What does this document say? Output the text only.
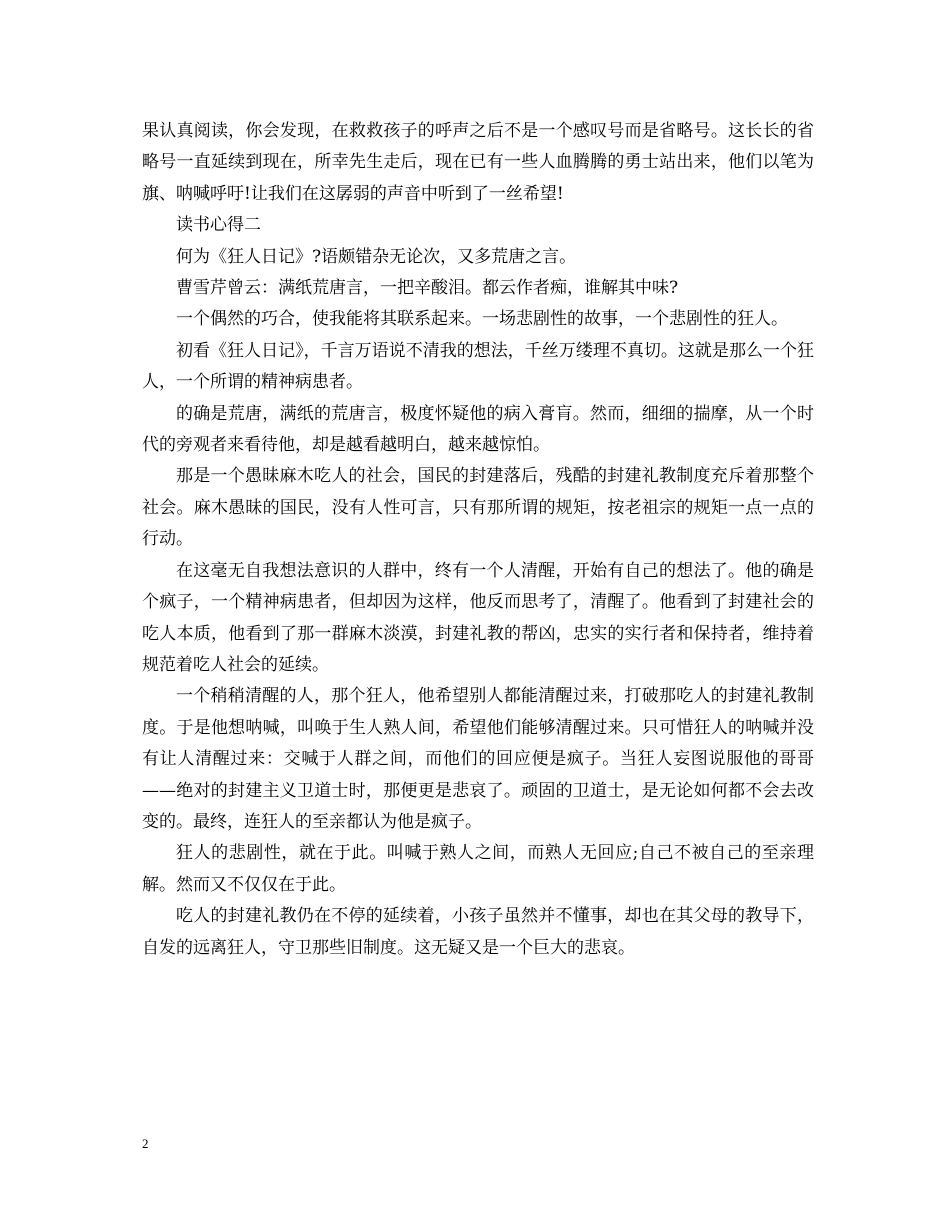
果认真阅读，你会发现，在救救孩子的呼声之后不是一个感叹号而是省略号。这长长的省略号一直延续到现在，所幸先生走后，现在已有一些人血腾腾的勇士站出来，他们以笔为旗、呐喊呼吁!让我们在这孱弱的声音中听到了一丝希望!

读书心得二

何为《狂人日记》?语颇错杂无论次，又多荒唐之言。

曹雪芹曾云：满纸荒唐言，一把辛酸泪。都云作者痴，谁解其中味?

一个偶然的巧合，使我能将其联系起来。一场悲剧性的故事，一个悲剧性的狂人。

初看《狂人日记》，千言万语说不清我的想法，千丝万缕理不真切。这就是那么一个狂人，一个所谓的精神病患者。

的确是荒唐，满纸的荒唐言，极度怀疑他的病入膏肓。然而，细细的揣摩，从一个时代的旁观者来看待他，却是越看越明白，越来越惊怕。

那是一个愚昧麻木吃人的社会，国民的封建落后，残酷的封建礼教制度充斥着那整个社会。麻木愚昧的国民，没有人性可言，只有那所谓的规矩，按老祖宗的规矩一点一点的行动。

在这毫无自我想法意识的人群中，终有一个人清醒，开始有自己的想法了。他的确是个疯子，一个精神病患者，但却因为这样，他反而思考了，清醒了。他看到了封建社会的吃人本质，他看到了那一群麻木淡漠，封建礼教的帮凶，忠实的实行者和保持者，维持着规范着吃人社会的延续。

一个稍稍清醒的人，那个狂人，他希望别人都能清醒过来，打破那吃人的封建礼教制度。于是他想呐喊，叫唤于生人熟人间，希望他们能够清醒过来。只可惜狂人的呐喊并没有让人清醒过来：交喊于人群之间，而他们的回应便是疯子。当狂人妄图说服他的哥哥——绝对的封建主义卫道士时，那便更是悲哀了。顽固的卫道士，是无论如何都不会去改变的。最终，连狂人的至亲都认为他是疯子。

狂人的悲剧性，就在于此。叫喊于熟人之间，而熟人无回应;自己不被自己的至亲理解。然而又不仅仅在于此。

吃人的封建礼教仍在不停的延续着，小孩子虽然并不懂事，却也在其父母的教导下，自发的远离狂人，守卫那些旧制度。这无疑又是一个巨大的悲哀。

2
